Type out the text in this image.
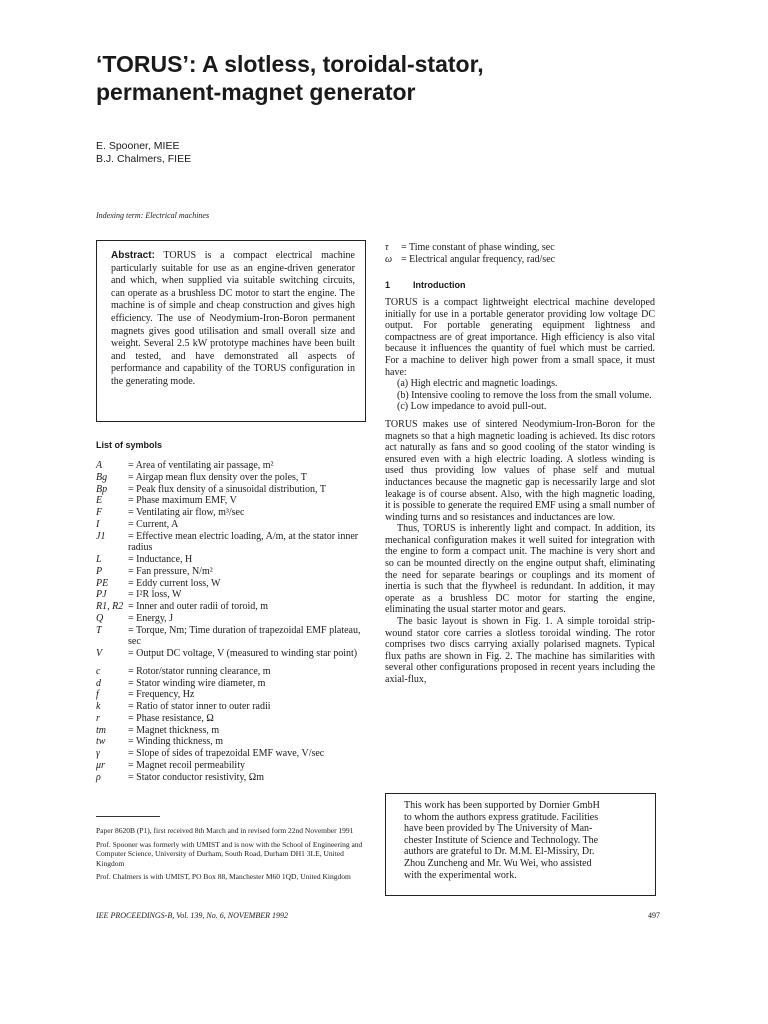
‘TORUS’: A slotless, toroidal-stator,
permanent-magnet generator
E. Spooner, MIEE
B.J. Chalmers, FIEE
Indexing term: Electrical machines
Abstract: TORUS is a compact electrical machine particularly suitable for use as an engine-driven generator and which, when supplied via suitable switching circuits, can operate as a brushless DC motor to start the engine. The machine is of simple and cheap construction and gives high efficiency. The use of Neodymium-Iron-Boron permanent magnets gives good utilisation and small overall size and weight. Several 2.5 kW prototype machines have been built and tested, and have demonstrated all aspects of performance and capability of the TORUS configuration in the generating mode.
List of symbols
A	= Area of ventilating air passage, m²
Bg	= Airgap mean flux density over the poles, T
Bp	= Peak flux density of a sinusoidal distribution, T
E	= Phase maximum EMF, V
F	= Ventilating air flow, m³/sec
I	= Current, A
J1	= Effective mean electric loading, A/m, at the stator inner radius
L	= Inductance, H
P	= Fan pressure, N/m²
PE	= Eddy current loss, W
PJ	= I²R loss, W
R1, R2 = Inner and outer radii of toroid, m
Q	= Energy, J
T	= Torque, Nm; Time duration of trapezoidal EMF plateau, sec
V	= Output DC voltage, V (measured to winding star point)
c	= Rotor/stator running clearance, m
d	= Stator winding wire diameter, m
f	= Frequency, Hz
k	= Ratio of stator inner to outer radii
r	= Phase resistance, Ω
tm	= Magnet thickness, m
tw	= Winding thickness, m
γ	= Slope of sides of trapezoidal EMF wave, V/sec
μr	= Magnet recoil permeability
ρ	= Stator conductor resistivity, Ωm

Paper 8620B (P1), first received 8th March and in revised form 22nd November 1991

Prof. Spooner was formerly with UMIST and is now with the School of Engineering and Computer Science, University of Durham, South Road, Durham DH1 3LE, United Kingdom

Prof. Chalmers is with UMIST, PO Box 88, Manchester M60 1QD, United Kingdom

IEE PROCEEDINGS-B, Vol. 139, No. 6, NOVEMBER 1992	497
τ	= Time constant of phase winding, sec
ω = Electrical angular frequency, rad/sec
1	Introduction

TORUS is a compact lightweight electrical machine developed initially for use in a portable generator providing low voltage DC output. For portable generating equipment lightness and compactness are of great importance. High efficiency is also vital because it influences the quantity of fuel which must be carried. For a machine to deliver high power from a small space, it must have:

(a) High electric and magnetic loadings.

(b) Intensive cooling to remove the loss from the small volume.

(c) Low impedance to avoid pull-out.

TORUS makes use of sintered Neodymium-Iron-Boron for the magnets so that a high magnetic loading is achieved. Its disc rotors act naturally as fans and so good cooling of the stator winding is ensured even with a high electric loading. A slotless winding is used thus providing low values of phase self and mutual inductances because the magnetic gap is necessarily large and slot leakage is of course absent. Also, with the high magnetic loading, it is possible to generate the required EMF using a small number of winding turns and so resistances and inductances are low.

Thus, TORUS is inherently light and compact. In addition, its mechanical configuration makes it well suited for integration with the engine to form a compact unit. The machine is very short and so can be mounted directly on the engine output shaft, eliminating the need for separate bearings or couplings and its moment of inertia is such that the flywheel is redundant. In addition, it may operate as a brushless DC motor for starting the engine, eliminating the usual starter motor and gears.

The basic layout is shown in Fig. 1. A simple toroidal strip-wound stator core carries a slotless toroidal winding. The rotor comprises two discs carrying axially polarised magnets. Typical flux paths are shown in Fig. 2. The machine has similarities with several other configurations proposed in recent years including the axial-flux,

This work has been supported by Dornier GmbH
to whom the authors express gratitude. Facilities
have been provided by The University of Man-
chester Institute of Science and Technology. The
authors are grateful to Dr. M.M. El-Missiry, Dr.
Zhou Zuncheng and Mr. Wu Wei, who assisted
with the experimental work.
